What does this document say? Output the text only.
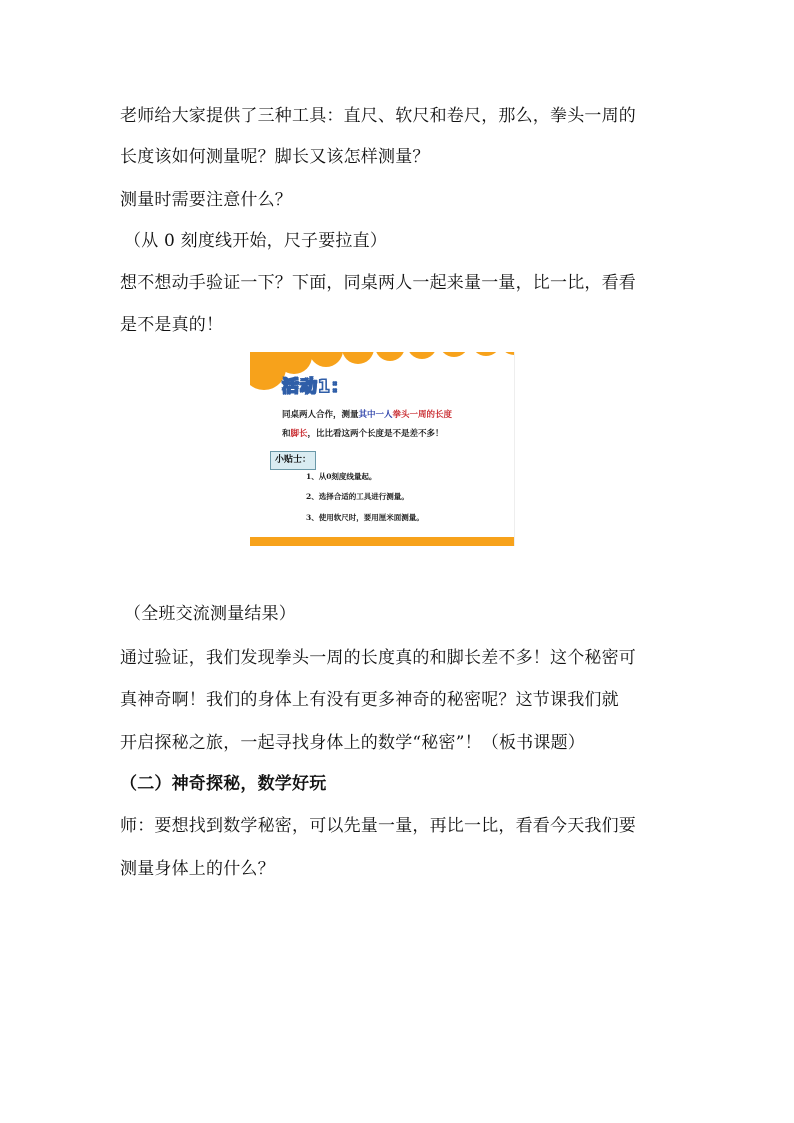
老师给大家提供了三种工具：直尺、软尺和卷尺，那么，拳头一周的
长度该如何测量呢？脚长又该怎样测量？
测量时需要注意什么？
（从 0 刻度线开始，尺子要拉直）
想不想动手验证一下？下面，同桌两人一起来量一量，比一比，看看
是不是真的！
活动1：
同桌两人合作，测量其中一人拳头一周的长度
和脚长，比比看这两个长度是不是差不多！
小贴士：
1、从0刻度线量起。
2、选择合适的工具进行测量。
3、使用软尺时，要用厘米面测量。
（全班交流测量结果）
通过验证，我们发现拳头一周的长度真的和脚长差不多！这个秘密可
真神奇啊！我们的身体上有没有更多神奇的秘密呢？这节课我们就
开启探秘之旅，一起寻找身体上的数学“秘密”！（板书课题）
（二）神奇探秘，数学好玩
师：要想找到数学秘密，可以先量一量，再比一比，看看今天我们要
测量身体上的什么？
